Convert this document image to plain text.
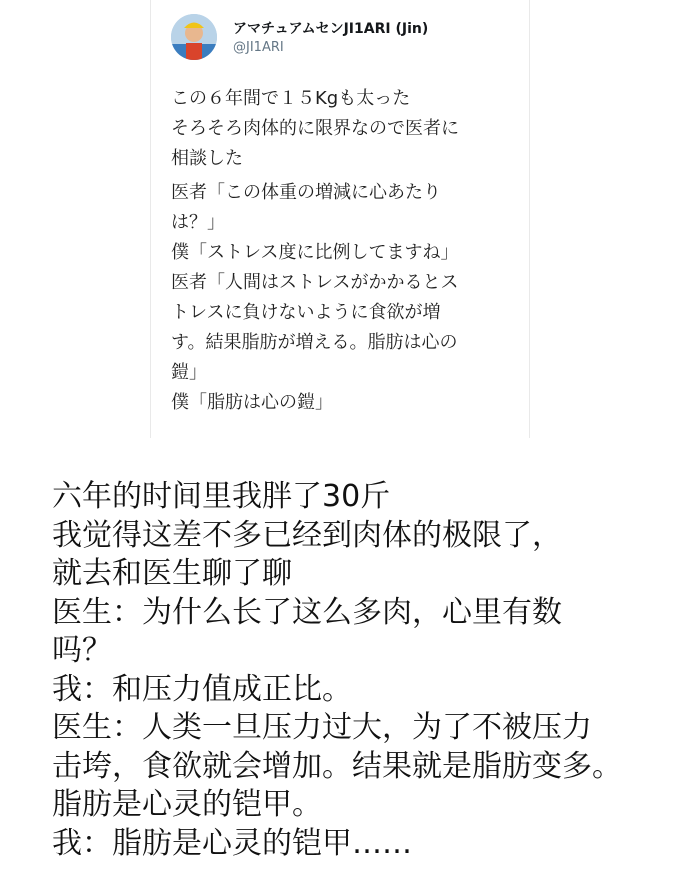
アマチュアムセンJI1ARI (Jin)
@JI1ARI
この６年間で１５Kgも太った
そろそろ肉体的に限界なので医者に
相談した
医者「この体重の増減に心あたり
は？」
僕「ストレス度に比例してますね」
医者「人間はストレスがかかるとス
トレスに負けないように食欲が増
す。結果脂肪が増える。脂肪は心の
鎧」
僕「脂肪は心の鎧」
六年的时间里我胖了30斤
我觉得这差不多已经到肉体的极限了，
就去和医生聊了聊
医生：为什么长了这么多肉，心里有数
吗？
我：和压力值成正比。
医生：人类一旦压力过大，为了不被压力
击垮，食欲就会增加。结果就是脂肪变多。
脂肪是心灵的铠甲。
我：脂肪是心灵的铠甲……
